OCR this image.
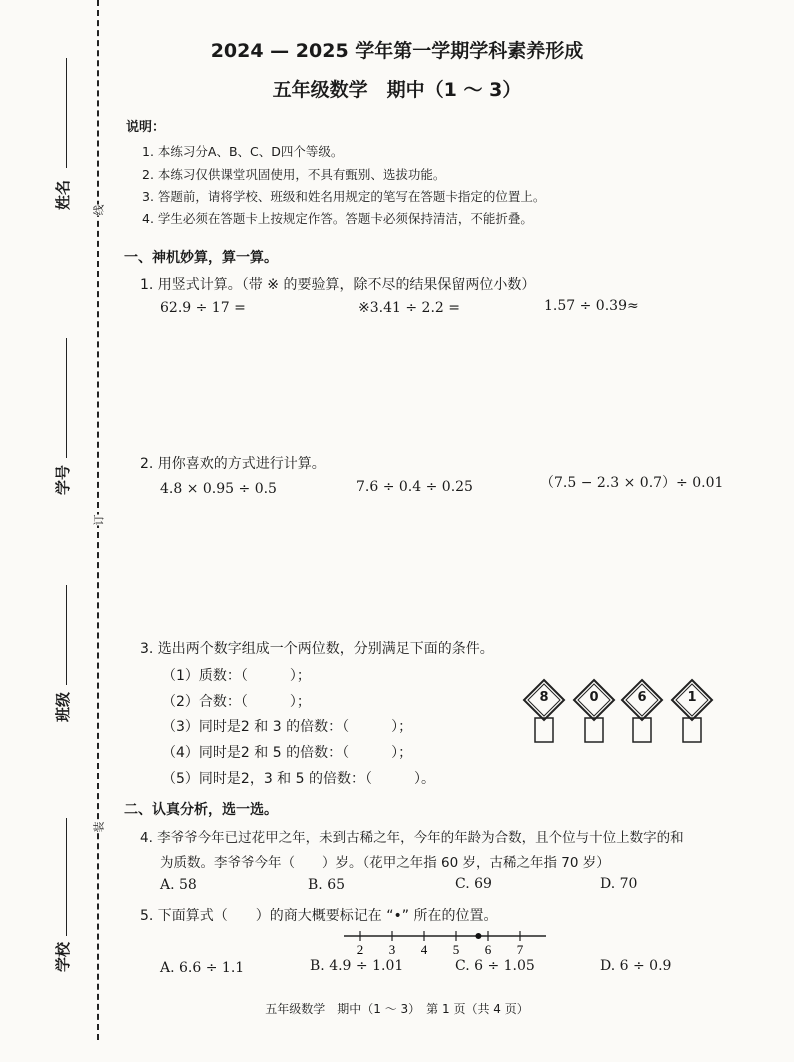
姓名
学号
班级
学校
线
订
装
2024 — 2025 学年第一学期学科素养形成
五年级数学　期中（1 ～ 3）
说明：
1. 本练习分A、B、C、D四个等级。
2. 本练习仅供课堂巩固使用，不具有甄别、选拔功能。
3. 答题前，请将学校、班级和姓名用规定的笔写在答题卡指定的位置上。
4. 学生必须在答题卡上按规定作答。答题卡必须保持清洁，不能折叠。
一、神机妙算，算一算。
1. 用竖式计算。（带 ※ 的要验算，除不尽的结果保留两位小数）
62.9 ÷ 17 =	※3.41 ÷ 2.2 =	1.57 ÷ 0.39≈
2. 用你喜欢的方式进行计算。
4.8 × 0.95 ÷ 0.5	7.6 ÷ 0.4 ÷ 0.25	（7.5 − 2.3 × 0.7）÷ 0.01
3. 选出两个数字组成一个两位数，分别满足下面的条件。
（1）质数：（　　　）；
（2）合数：（　　　）；
（3）同时是2 和 3 的倍数：（　　　）；
（4）同时是2 和 5 的倍数：（　　　）；
（5）同时是2，3 和 5 的倍数：（　　　）。
8	0	6	1
二、认真分析，选一选。
4. 李爷爷今年已过花甲之年，未到古稀之年，今年的年龄为合数，且个位与十位上数字的和
为质数。李爷爷今年（　　）岁。（花甲之年指 60 岁，古稀之年指 70 岁）
A. 58	B. 65	C. 69	D. 70
5. 下面算式（　　）的商大概要标记在 “•” 所在的位置。
2 3 4 5 6 7
A. 6.6 ÷ 1.1	B. 4.9 ÷ 1.01	C. 6 ÷ 1.05	D. 6 ÷ 0.9
五年级数学　期中（1 ～ 3）　第 1 页（共 4 页）
